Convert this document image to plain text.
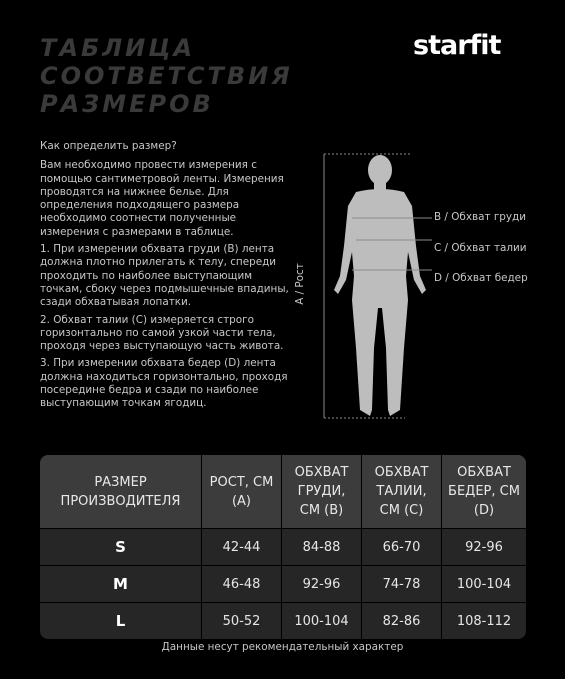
ТАБЛИЦА
СООТВЕТСТВИЯ
РАЗМЕРОВ
starfit

Как определить размер?

Вам необходимо провести измерения с помощью сантиметровой ленты. Измерения проводятся на нижнее белье. Для определения подходящего размера необходимо соотнести полученные измерения с размерами в таблице.

1. При измерении обхвата груди (B) лента должна плотно прилегать к телу, спереди проходить по наиболее выступающим точкам, сбоку через подмышечные впадины, сзади обхватывая лопатки.

2. Обхват талии (C) измеряется строго горизонтально по самой узкой части тела, проходя через выступающую часть живота.

3. При измерении обхвата бедер (D) лента должна находиться горизонтально, проходя посередине бедра и сзади по наиболее выступающим точкам ягодиц.

A / Рост
B / Обхват груди
C / Обхват талии
D / Обхват бедер
РАЗМЕР ПРОИЗВОДИТЕЛЯ	РОСТ, СМ (A)	ОБХВАТ ГРУДИ, СМ (B)	ОБХВАТ ТАЛИИ, СМ (C)	ОБХВАТ БЕДЕР, СМ (D)
S	42-44	84-88	66-70	92-96
M	46-48	92-96	74-78	100-104
L	50-52	100-104	82-86	108-112
Данные несут рекомендательный характер
